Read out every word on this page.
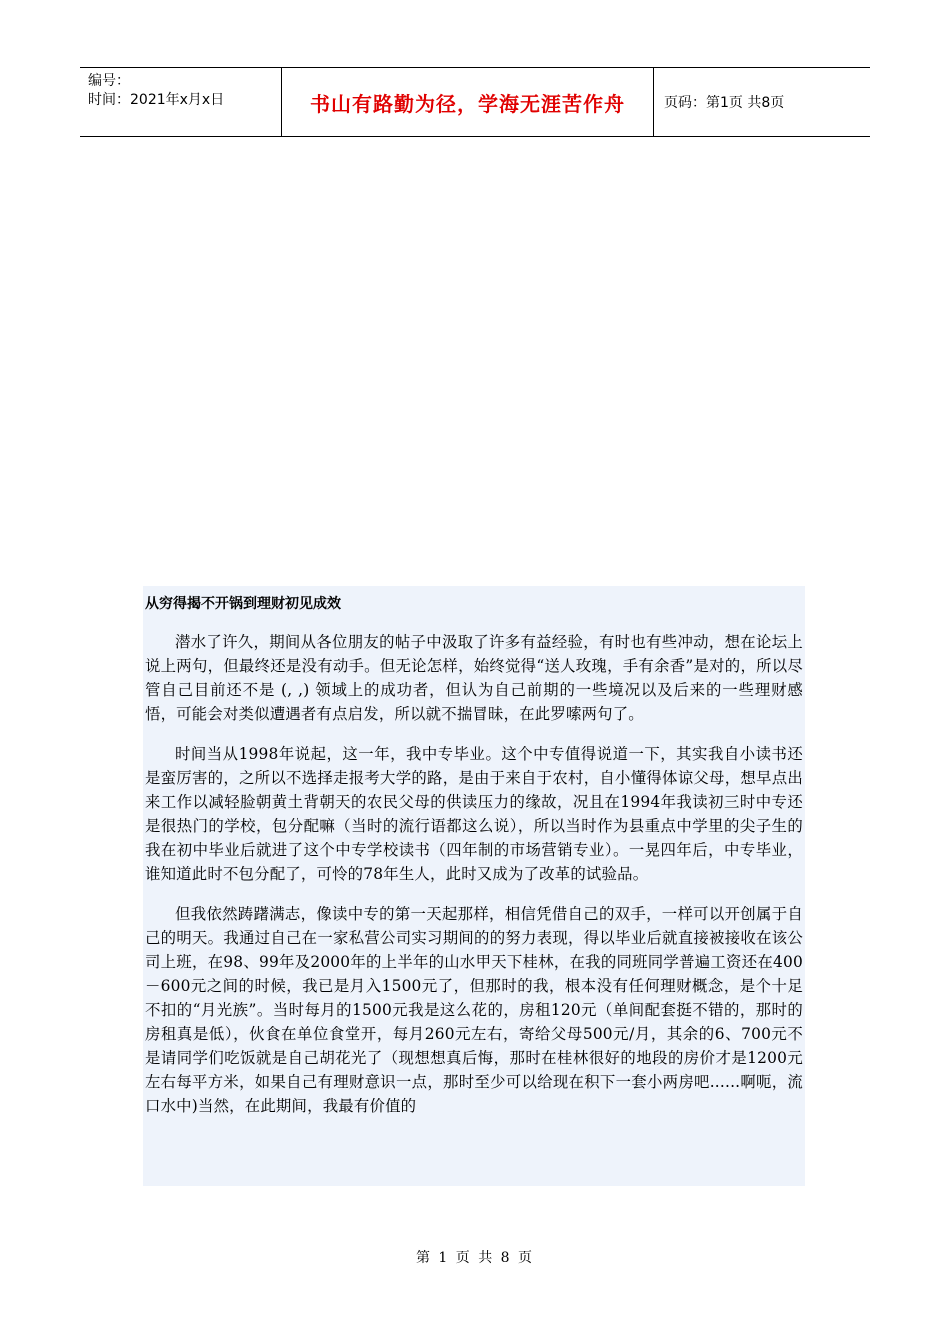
编号：
时间：2021年x月x日	书山有路勤为径，学海无涯苦作舟	页码：第1页 共8页
从穷得揭不开锅到理财初见成效

潜水了许久，期间从各位朋友的帖子中汲取了许多有益经验，有时也有些冲动，想在论坛上说上两句，但最终还是没有动手。但无论怎样，始终觉得“送人玫瑰，手有余香”是对的，所以尽管自己目前还不是 (, ,) 领域上的成功者，但认为自己前期的一些境况以及后来的一些理财感悟，可能会对类似遭遇者有点启发，所以就不揣冒昧，在此罗嗦两句了。

时间当从1998年说起，这一年，我中专毕业。这个中专值得说道一下，其实我自小读书还是蛮厉害的，之所以不选择走报考大学的路，是由于来自于农村，自小懂得体谅父母，想早点出来工作以减轻脸朝黄土背朝天的农民父母的供读压力的缘故，况且在1994年我读初三时中专还是很热门的学校，包分配嘛（当时的流行语都这么说），所以当时作为县重点中学里的尖子生的我在初中毕业后就进了这个中专学校读书（四年制的市场营销专业）。一晃四年后，中专毕业，谁知道此时不包分配了，可怜的78年生人，此时又成为了改革的试验品。

但我依然踌躇满志，像读中专的第一天起那样，相信凭借自己的双手，一样可以开创属于自己的明天。我通过自己在一家私营公司实习期间的的努力表现，得以毕业后就直接被接收在该公司上班，在98、99年及2000年的上半年的山水甲天下桂林，在我的同班同学普遍工资还在400－600元之间的时候，我已是月入1500元了，但那时的我，根本没有任何理财概念，是个十足不扣的“月光族”。当时每月的1500元我是这么花的，房租120元（单间配套挺不错的，那时的房租真是低），伙食在单位食堂开，每月260元左右，寄给父母500元/月，其余的6、700元不是请同学们吃饭就是自己胡花光了（现想想真后悔，那时在桂林很好的地段的房价才是1200元左右每平方米，如果自己有理财意识一点，那时至少可以给现在积下一套小两房吧......啊呃，流口水中)当然，在此期间，我最有价值的

第 1 页 共 8 页
